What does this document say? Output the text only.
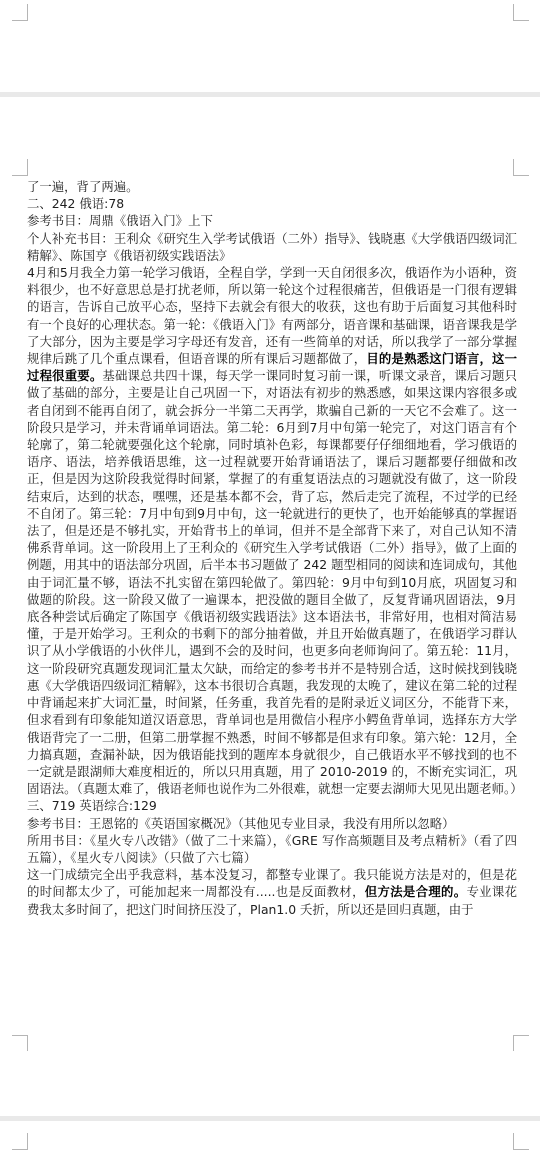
了一遍，背了两遍。

二、242 俄语:78

参考书目：周鼎《俄语入门》上下

个人补充书目：王利众《研究生入学考试俄语（二外）指导》、钱晓惠《大学俄语四级词汇精解》、陈国亨《俄语初级实践语法》

4月和5月我全力第一轮学习俄语，全程自学，学到一天自闭很多次，俄语作为小语种，资料很少，也不好意思总是打扰老师，所以第一轮这个过程很痛苦，但俄语是一门很有逻辑的语言，告诉自己放平心态，坚持下去就会有很大的收获，这也有助于后面复习其他科时有一个良好的心理状态。第一轮：《俄语入门》有两部分，语音课和基础课，语音课我是学了大部分，因为主要是学习字母还有发音，还有一些简单的对话，所以我学了一部分掌握规律后跳了几个重点课看，但语音课的所有课后习题都做了，目的是熟悉这门语言，这一过程很重要。基础课总共四十课，每天学一课同时复习前一课，听课文录音，课后习题只做了基础的部分，主要是让自己巩固一下，对语法有初步的熟悉感，如果这课内容很多或者自闭到不能再自闭了，就会拆分一半第二天再学，欺骗自己新的一天它不会难了。这一阶段只是学习，并未背诵单词语法。第二轮：6月到7月中旬第一轮完了，对这门语言有个轮廓了，第二轮就要强化这个轮廓，同时填补色彩，每课都要仔仔细细地看，学习俄语的语序、语法，培养俄语思维，这一过程就要开始背诵语法了，课后习题都要仔细做和改正，但是因为这阶段我觉得时间紧，掌握了的有重复语法点的习题就没有做了，这一阶段结束后，达到的状态，嘿嘿，还是基本都不会，背了忘，然后走完了流程，不过学的已经不自闭了。第三轮：7月中旬到9月中旬，这一轮就进行的更快了，也开始能够真的掌握语法了，但是还是不够扎实，开始背书上的单词，但并不是全部背下来了，对自己认知不清佛系背单词。这一阶段用上了王利众的《研究生入学考试俄语（二外）指导》，做了上面的例题，用其中的语法部分巩固，后半本书习题做了 242 题型相同的阅读和连词成句，其他由于词汇量不够，语法不扎实留在第四轮做了。第四轮：9月中旬到10月底，巩固复习和做题的阶段。这一阶段又做了一遍课本，把没做的题目全做了，反复背诵巩固语法，9月底各种尝试后确定了陈国亨《俄语初级实践语法》这本语法书，非常好用，也相对简洁易懂，于是开始学习。王利众的书剩下的部分抽着做，并且开始做真题了，在俄语学习群认识了从小学俄语的小伙伴儿，遇到不会的及时问，也更多向老师询问了。第五轮：11月，这一阶段研究真题发现词汇量太欠缺，而给定的参考书并不是特别合适，这时候找到钱晓惠《大学俄语四级词汇精解》，这本书很切合真题，我发现的太晚了，建议在第二轮的过程中背诵起来扩大词汇量，时间紧，任务重，我首先看的是附录近义词区分，不能背下来，但求看到有印象能知道汉语意思，背单词也是用微信小程序小鳄鱼背单词，选择东方大学俄语背完了一二册，但第二册掌握不熟悉，时间不够都是但求有印象。第六轮：12月，全力搞真题，查漏补缺，因为俄语能找到的题库本身就很少，自己俄语水平不够找到的也不一定就是跟湖师大难度相近的，所以只用真题，用了 2010-2019 的，不断充实词汇，巩固语法。（真题太难了，俄语老师也说作为二外很难，就想一定要去湖师大见见出题老师。）

三、719 英语综合:129

参考书目：王恩铭的《英语国家概况》（其他见专业目录，我没有用所以忽略）

所用书目：《星火专八改错》（做了二十来篇），《GRE 写作高频题目及考点精析》（看了四五篇），《星火专八阅读》（只做了六七篇）

这一门成绩完全出乎我意料，基本没复习，都整专业课了。我只能说方法是对的，但是花的时间都太少了，可能加起来一周都没有.....也是反面教材，但方法是合理的。专业课花费我太多时间了，把这门时间挤压没了，Plan1.0 夭折，所以还是回归真题，由于
